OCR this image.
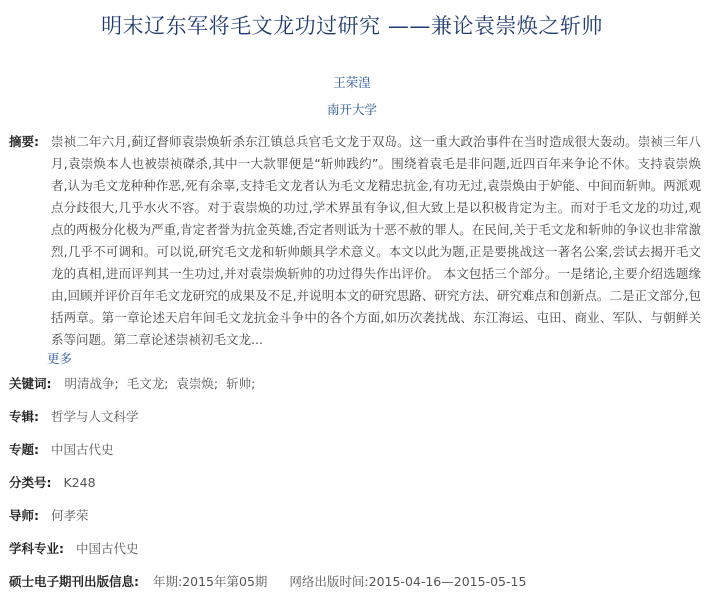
明末辽东军将毛文龙功过研究 ——兼论袁崇焕之斩帅
王荣湟
南开大学
摘要: 崇祯二年六月,蓟辽督师袁崇焕斩杀东江镇总兵官毛文龙于双岛。这一重大政治事件在当时造成很大轰动。崇祯三年八月,袁崇焕本人也被崇祯磔杀,其中一大款罪便是“斩帅践约”。围绕着袁毛是非问题,近四百年来争论不休。支持袁崇焕者,认为毛文龙种种作恶,死有余辜,支持毛文龙者认为毛文龙精忠抗金,有功无过,袁崇焕由于妒能、中间而斩帅。两派观点分歧很大,几乎水火不容。对于袁崇焕的功过,学术界虽有争议,但大致上是以积极肯定为主。而对于毛文龙的功过,观点的两极分化极为严重,肯定者誉为抗金英雄,否定者则诋为十恶不赦的罪人。在民间,关于毛文龙和斩帅的争议也非常激烈,几乎不可调和。可以说,研究毛文龙和斩帅颇具学术意义。本文以此为题,正是要挑战这一著名公案,尝试去揭开毛文龙的真相,进而评判其一生功过,并对袁崇焕斩帅的功过得失作出评价。 本文包括三个部分。一是绪论,主要介绍选题缘由,回顾并评价百年毛文龙研究的成果及不足,并说明本文的研究思路、研究方法、研究难点和创新点。二是正文部分,包括两章。第一章论述天启年间毛文龙抗金斗争中的各个方面,如历次袭扰战、东江海运、屯田、商业、军队、与朝鲜关系等问题。第二章论述崇祯初毛文龙...
更多
关键词: 明清战争; 毛文龙; 袁崇焕; 斩帅;
专辑: 哲学与人文科学
专题: 中国古代史
分类号: K248
导师: 何孝荣
学科专业: 中国古代史
硕士电子期刊出版信息: 年期:2015年第05期 网络出版时间:2015-04-16—2015-05-15
